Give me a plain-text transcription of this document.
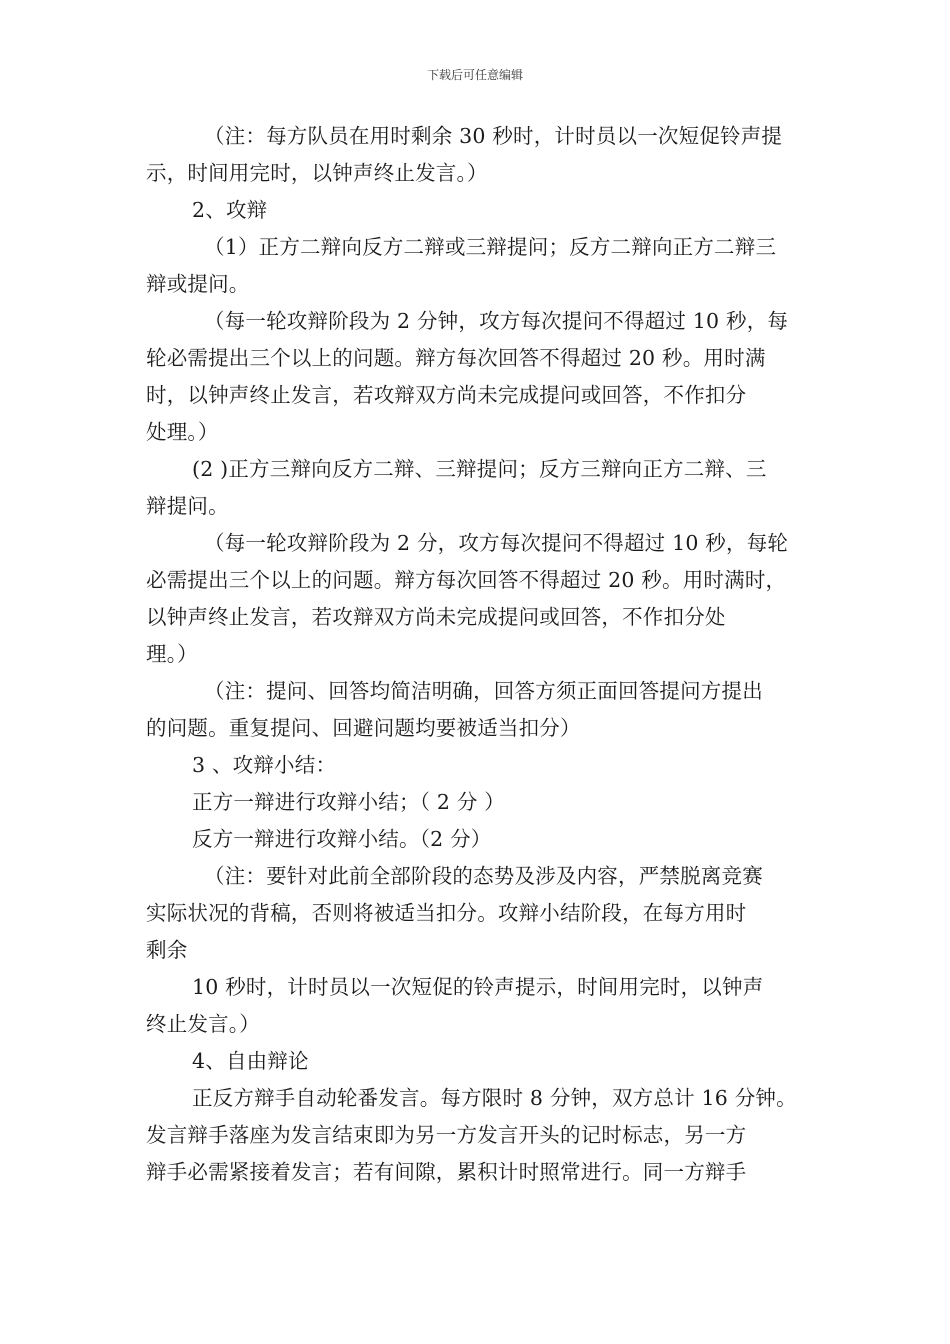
下载后可任意编辑
（注：每方队员在用时剩余 30 秒时，计时员以一次短促铃声提
示，时间用完时，以钟声终止发言。）
2、攻辩
（1）正方二辩向反方二辩或三辩提问；反方二辩向正方二辩三
辩或提问。
（每一轮攻辩阶段为 2 分钟，攻方每次提问不得超过 10 秒，每
轮必需提出三个以上的问题。辩方每次回答不得超过 20 秒。用时满
时，以钟声终止发言，若攻辩双方尚未完成提问或回答，不作扣分
处理。）
(2 )正方三辩向反方二辩、三辩提问；反方三辩向正方二辩、三
辩提问。
（每一轮攻辩阶段为 2 分，攻方每次提问不得超过 10 秒，每轮
必需提出三个以上的问题。辩方每次回答不得超过 20 秒。用时满时，
以钟声终止发言，若攻辩双方尚未完成提问或回答，不作扣分处
理。）
（注：提问、回答均简洁明确，回答方须正面回答提问方提出
的问题。重复提问、回避问题均要被适当扣分）
3 、攻辩小结：
正方一辩进行攻辩小结；（ 2 分 ）
反方一辩进行攻辩小结。（2 分）
（注：要针对此前全部阶段的态势及涉及内容，严禁脱离竞赛
实际状况的背稿，否则将被适当扣分。攻辩小结阶段，在每方用时
剩余
10 秒时，计时员以一次短促的铃声提示，时间用完时，以钟声
终止发言。）
4、自由辩论
正反方辩手自动轮番发言。每方限时 8 分钟，双方总计 16 分钟。
发言辩手落座为发言结束即为另一方发言开头的记时标志，另一方
辩手必需紧接着发言；若有间隙，累积计时照常进行。同一方辩手
